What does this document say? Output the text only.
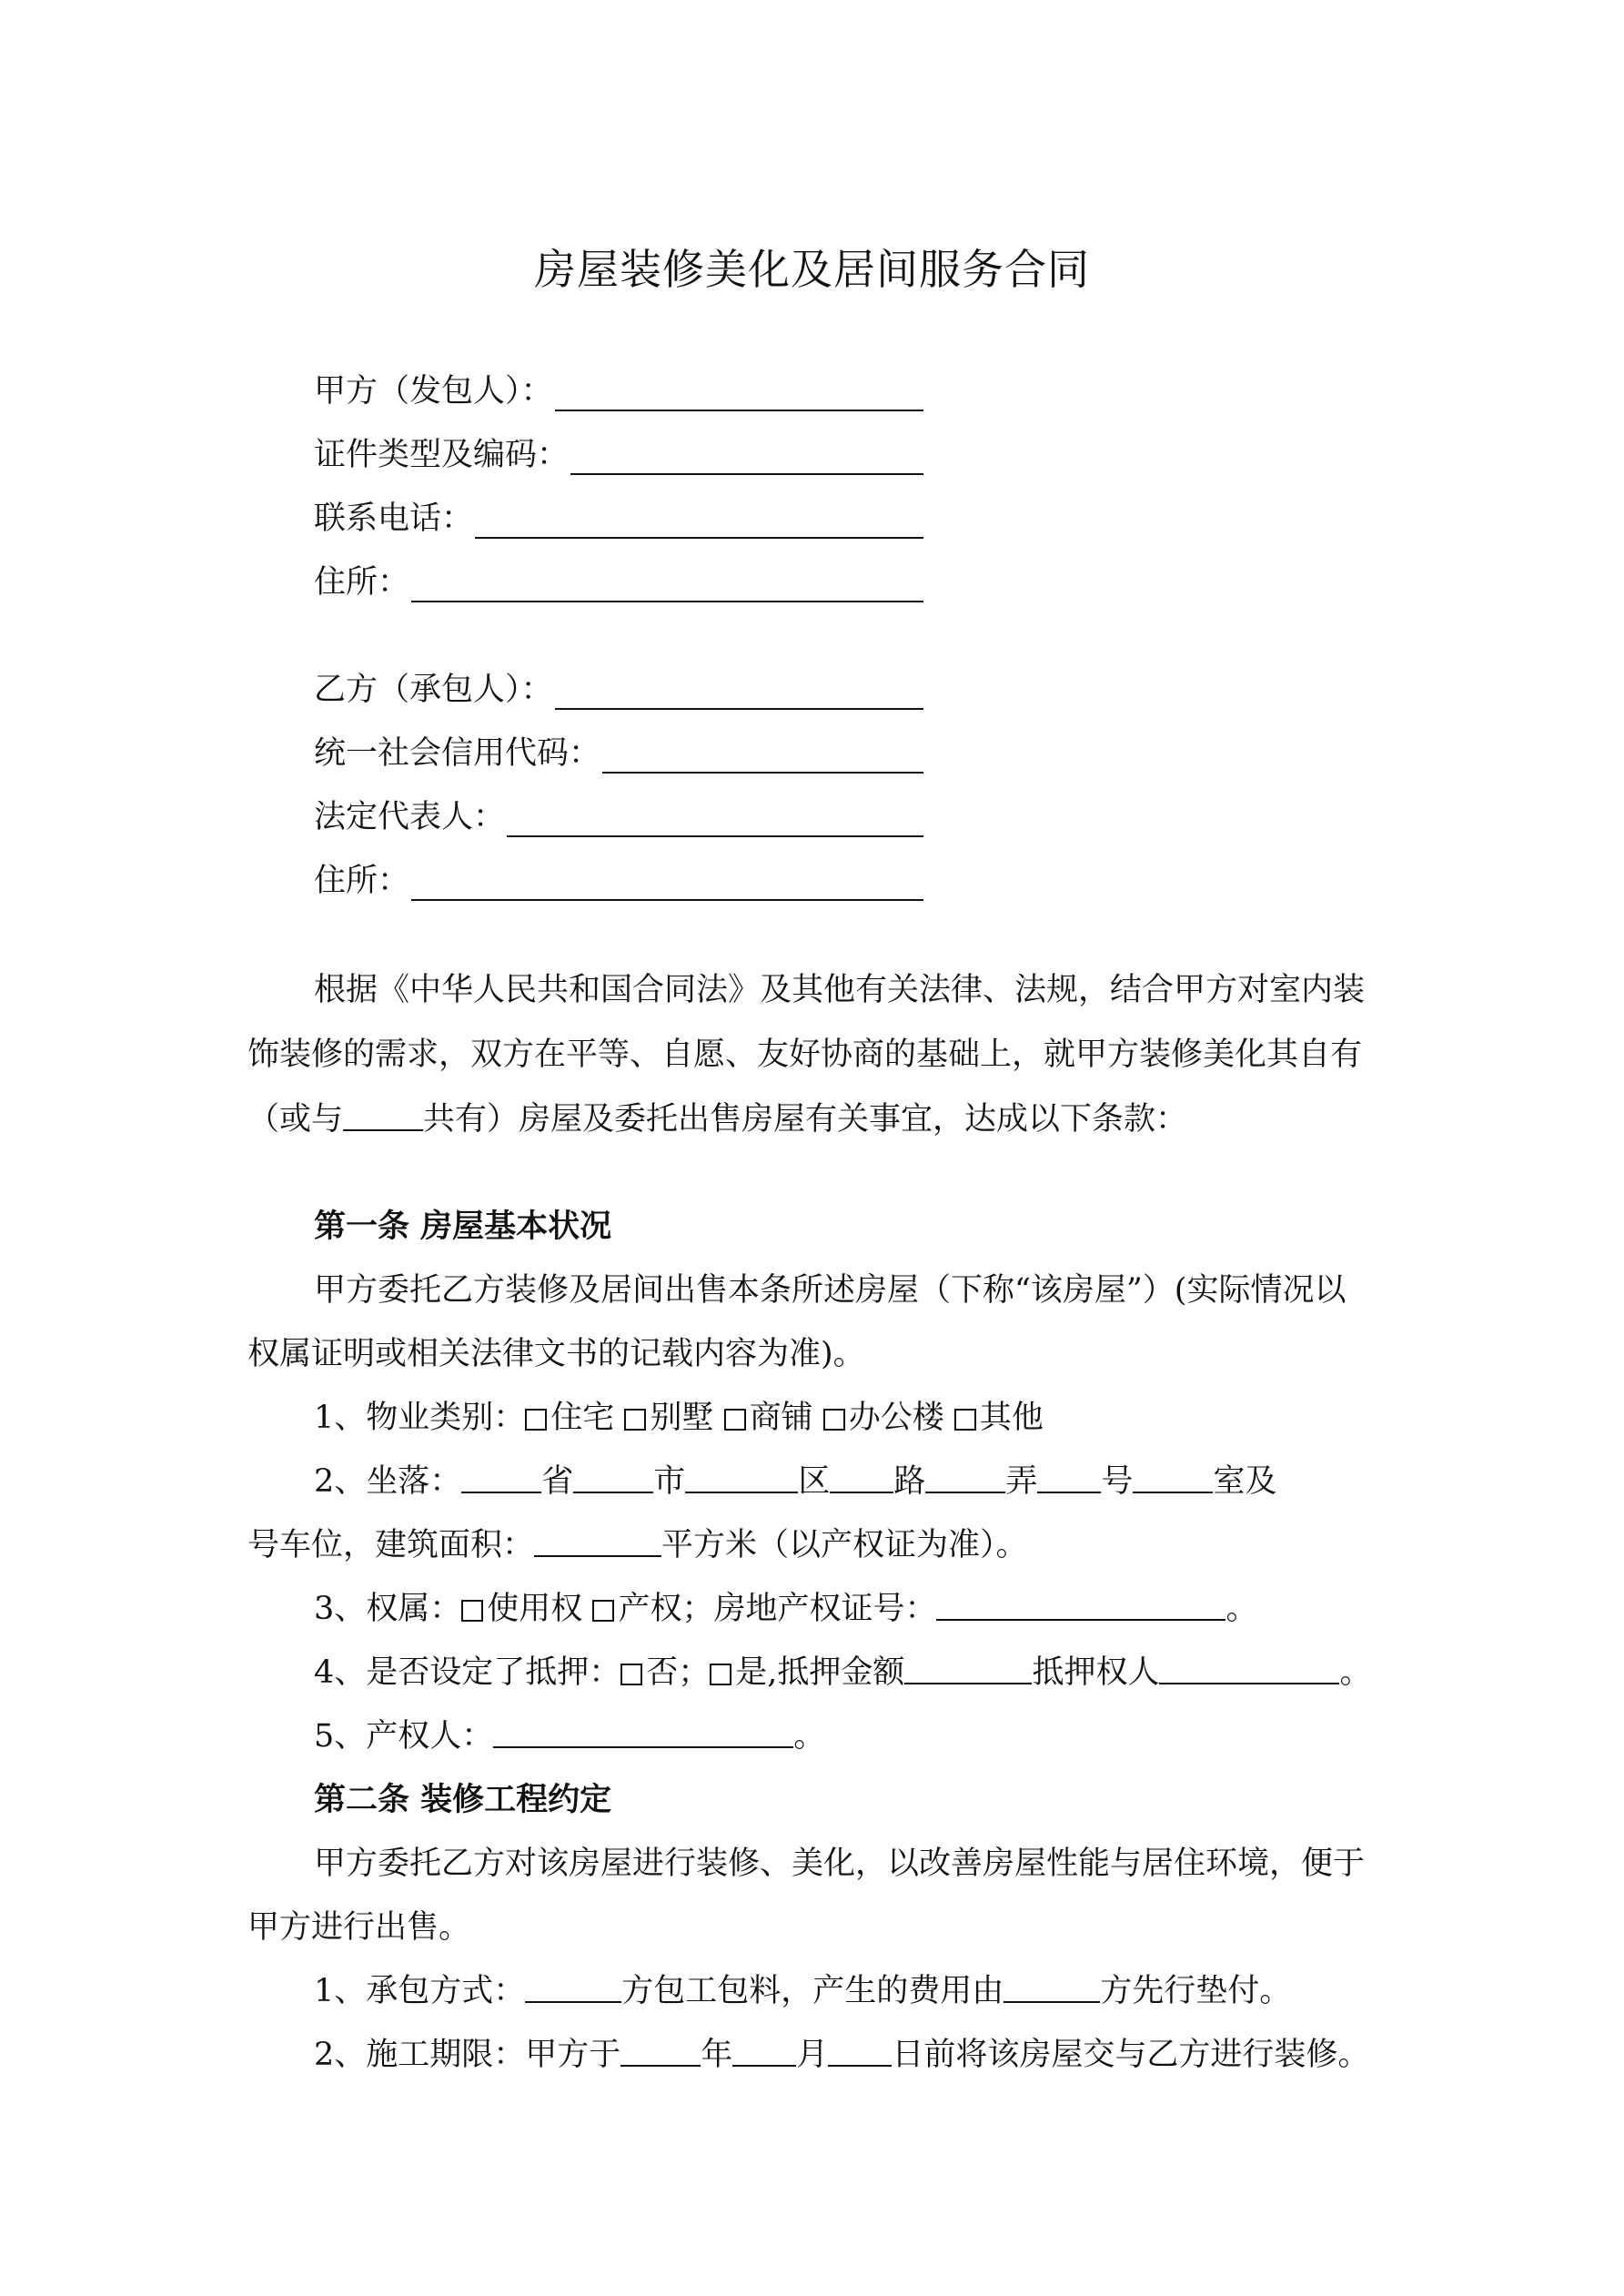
房屋装修美化及居间服务合同
甲方（发包人）：
证件类型及编码：
联系电话：
住所：
乙方（承包人）：
统一社会信用代码：
法定代表人：
住所：
根据《中华人民共和国合同法》及其他有关法律、法规，结合甲方对室内装
饰装修的需求，双方在平等、自愿、友好协商的基础上，就甲方装修美化其自有
（或与	共有）房屋及委托出售房屋有关事宜，达成以下条款：
第一条 房屋基本状况
甲方委托乙方装修及居间出售本条所述房屋（下称“该房屋”）(实际情况以
权属证明或相关法律文书的记载内容为准)。
1、物业类别： 住宅 别墅 商铺 办公楼 其他
2、坐落：	省	市	区 路	弄 号	室及
号车位，建筑面积：	平方米（以产权证为准）。
3、权属： 使用权 产权；房地产权证号：	。
4、是否设定了抵押： 否； 是,抵押金额	抵押权人	。
5、产权人：	。
第二条 装修工程约定
甲方委托乙方对该房屋进行装修、美化，以改善房屋性能与居住环境，便于
甲方进行出售。
1、承包方式：	方包工包料，产生的费用由	方先行垫付。
2、施工期限：甲方于	年 月 日前将该房屋交与乙方进行装修。
